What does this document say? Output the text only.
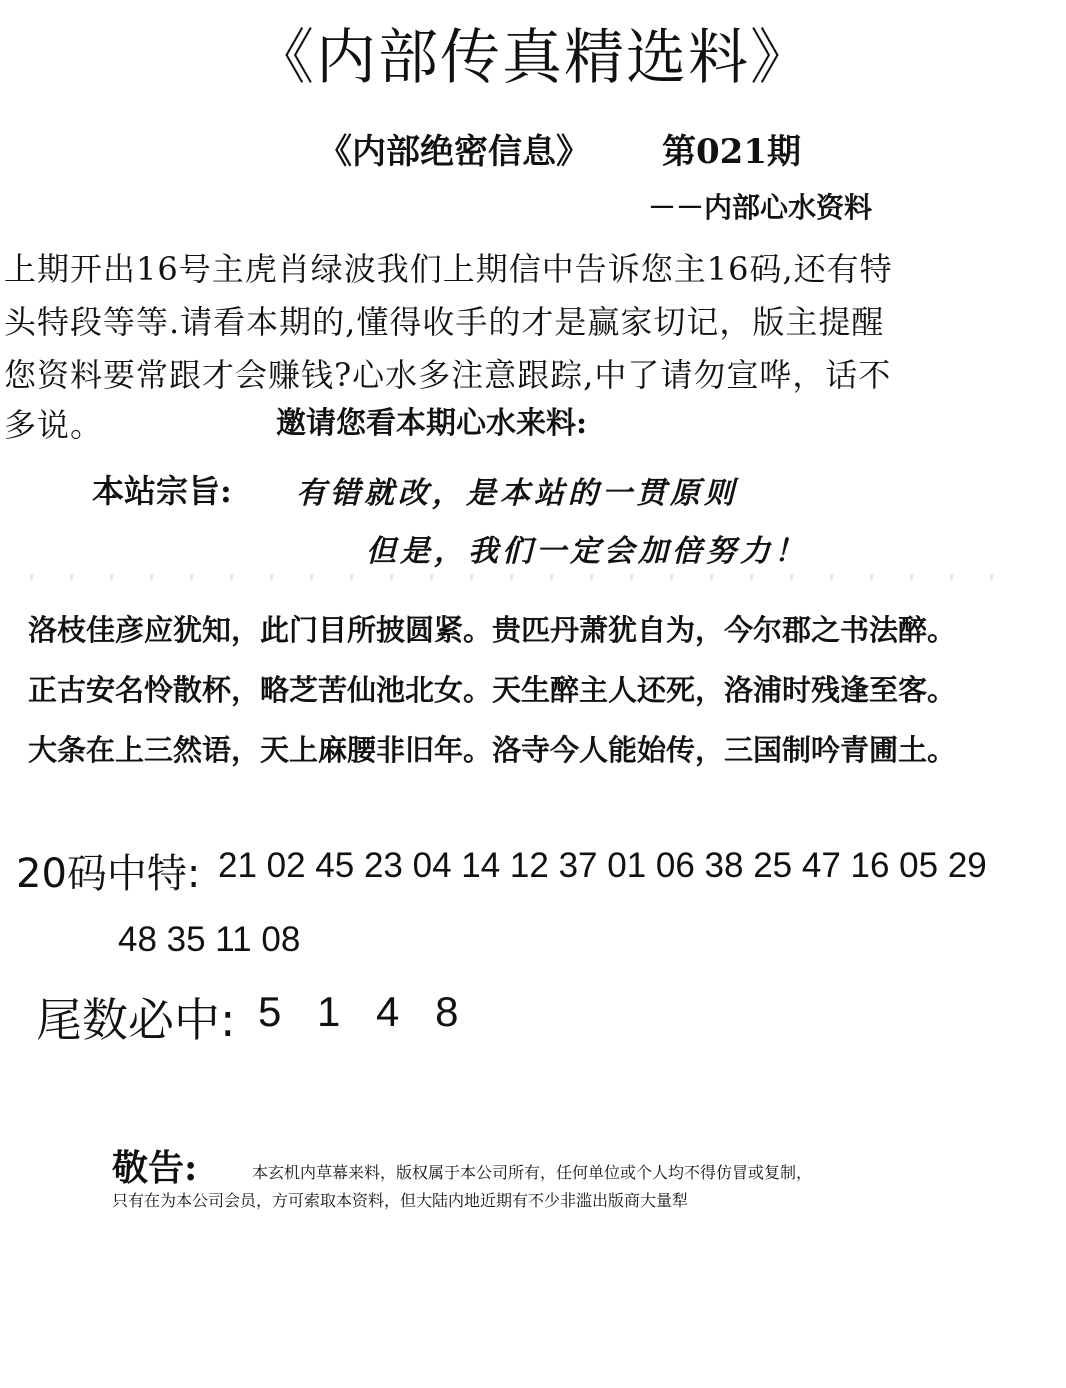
《内部传真精选料》
《内部绝密信息》 第021期
－－内部心水资料
上期开出16号主虎肖绿波我们上期信中告诉您主16码,还有特
头特段等等.请看本期的,懂得收手的才是赢家切记，版主提醒
您资料要常跟才会赚钱?心水多注意跟踪,中了请勿宣哗，话不
多说。	邀请您看本期心水来料:
本站宗旨: 有错就改，是本站的一贯原则
但是，我们一定会加倍努力！
洛枝佳彦应犹知，此门目所披圆紧。贵匹丹萧犹自为，今尔郡之书法醉。
正古安名怜散杯，略芝苦仙池北女。天生醉主人还死，洛浦时残逢至客。
大条在上三然语，天上麻腰非旧年。洛寺今人能始传，三国制吟青圃土。
20码中特: 21 02 45 23 04 14 12 37 01 06 38 25 47 16 05 29
48 35 11 08
尾数必中: 5 1 4 8
敬告:	本玄机内草幕来料，版权属于本公司所有，任何单位或个人均不得仿冒或复制，
只有在为本公司会员，方可索取本资料，但大陆内地近期有不少非滥出版商大量犁
